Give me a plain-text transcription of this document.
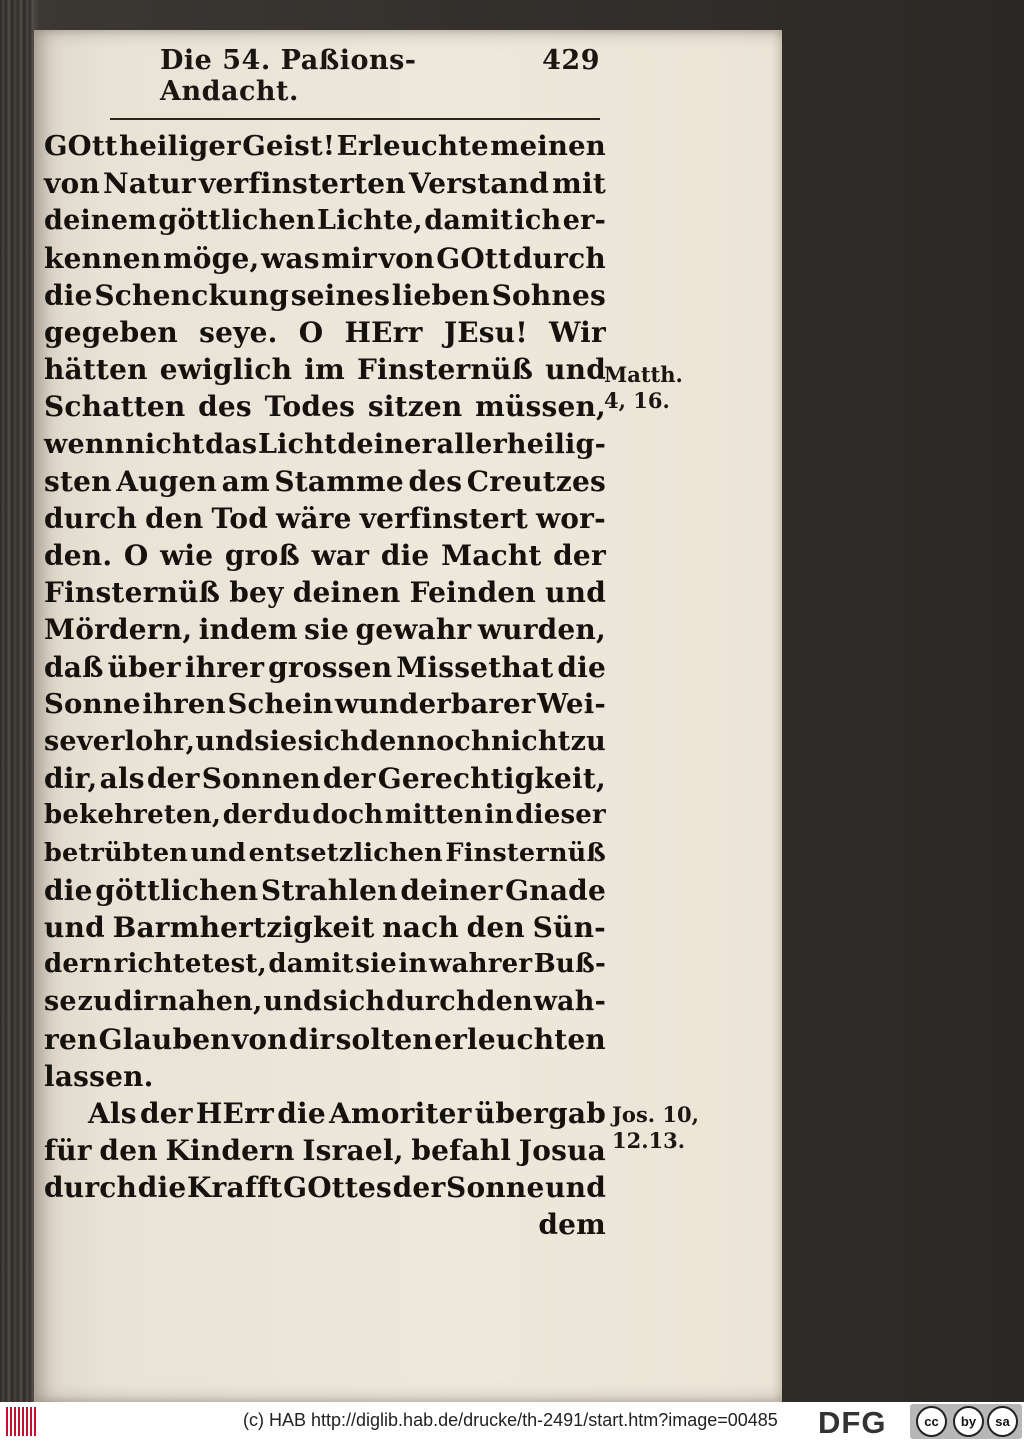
Die 54. Paßions-Andacht.
429
GOtt heiliger Geist! Erleuchte meinen
von Natur verfinsterten Verstand mit
deinem göttlichen Lichte, damit ich er-
kennen möge, was mir von GOtt durch
die Schenckung seines lieben Sohnes
gegeben seye. O HErr JEsu! Wir
hätten ewiglich im Finsternüß und
Schatten des Todes sitzen müssen,
wenn nicht das Licht deiner allerheilig-
sten Augen am Stamme des Creutzes
durch den Tod wäre verfinstert wor-
den. O wie groß war die Macht der
Finsternüß bey deinen Feinden und
Mördern, indem sie gewahr wurden,
daß über ihrer grossen Missethat die
Sonne ihren Schein wunderbarer Wei-
se verlohr, und sie sich dennoch nicht zu
dir, als der Sonnen der Gerechtigkeit,
bekehreten, der du doch mitten in dieser
betrübten und entsetzlichen Finsternüß
die göttlichen Strahlen deiner Gnade
und Barmhertzigkeit nach den Sün-
dern richtetest, damit sie in wahrer Buß-
se zu dir nahen, und sich durch den wah-
ren Glauben von dir solten erleuchten
lassen.
Als der HErr die Amoriter übergab
für den Kindern Israel, befahl Josua
durch die Krafft GOttes der Sonne und
dem
Matth.
4, 16.
Jos. 10,
12.13.
(c) HAB http://diglib.hab.de/drucke/th-2491/start.htm?image=00485 DFG	cc	by	sa
